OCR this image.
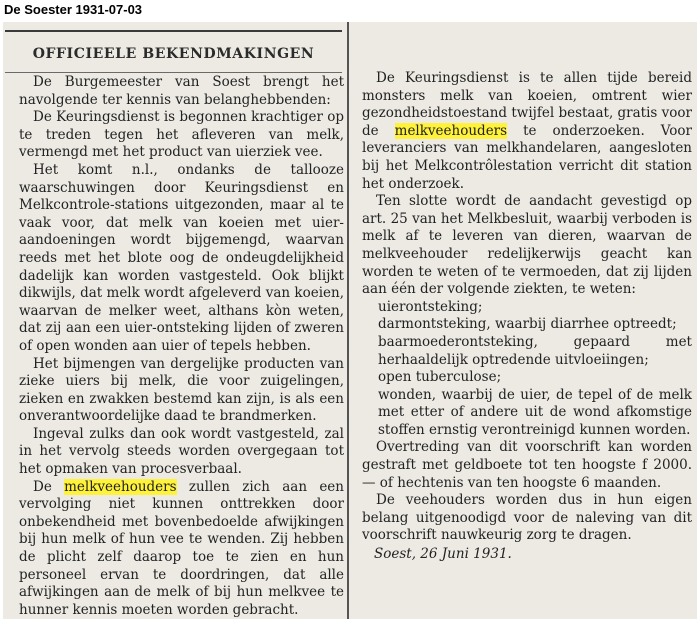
De Soester 1931-07-03
OFFICIEELE BEKENDMAKINGEN

De Burgemeester van Soest brengt het navolgende ter kennis van belanghebbenden:

De Keuringsdienst is begonnen krachtiger op te treden tegen het afleveren van melk, vermengd met het product van uierziek vee.

Het komt n.l., ondanks de tallooze waarschuwingen door Keuringsdienst en Melkcontrole-stations uitgezonden, maar al te vaak voor, dat melk van koeien met uier-aandoeningen wordt bijgemengd, waarvan reeds met het blote oog de ondeugdelijkheid dadelijk kan worden vastgesteld. Ook blijkt dikwijls, dat melk wordt afgeleverd van koeien, waarvan de melker weet, althans kòn weten, dat zij aan een uier-ontsteking lijden of zweren of open wonden aan uier of tepels hebben.

Het bijmengen van dergelijke producten van zieke uiers bij melk, die voor zuigelingen, zieken en zwakken bestemd kan zijn, is als een onverantwoordelijke daad te brandmerken.

Ingeval zulks dan ook wordt vastgesteld, zal in het vervolg steeds worden overgegaan tot het opmaken van procesverbaal.

De melkveehouders zullen zich aan een vervolging niet kunnen onttrekken door onbekendheid met bovenbedoelde afwijkingen bij hun melk of hun vee te wenden. Zij hebben de plicht zelf daarop toe te zien en hun personeel ervan te doordringen, dat alle afwijkingen aan de melk of bij hun melkvee te hunner kennis moeten worden gebracht.

De Keuringsdienst is te allen tijde bereid monsters melk van koeien, omtrent wier gezondheidstoestand twijfel bestaat, gratis voor de melkveehouders te onderzoeken. Voor leveranciers van melkhandelaren, aangesloten bij het Melkcontrôlestation verricht dit station het onderzoek.

Ten slotte wordt de aandacht gevestigd op art. 25 van het Melkbesluit, waarbij verboden is melk af te leveren van dieren, waarvan de melkveehouder redelijkerwijs geacht kan worden te weten of te vermoeden, dat zij lijden aan één der volgende ziekten, te weten:

uierontsteking;

darmontsteking, waarbij diarrhee optreedt;

baarmoederontsteking, gepaard met herhaaldelijk optredende uitvloeiingen;

open tuberculose;

wonden, waarbij de uier, de tepel of de melk met etter of andere uit de wond afkomstige stoffen ernstig verontreinigd kunnen worden.

Overtreding van dit voorschrift kan worden gestraft met geldboete tot ten hoogste f 2000.— of hechtenis van ten hoogste 6 maanden.

De veehouders worden dus in hun eigen belang uitgenoodigd voor de naleving van dit voorschrift nauwkeurig zorg te dragen.

Soest, 26 Juni 1931.
